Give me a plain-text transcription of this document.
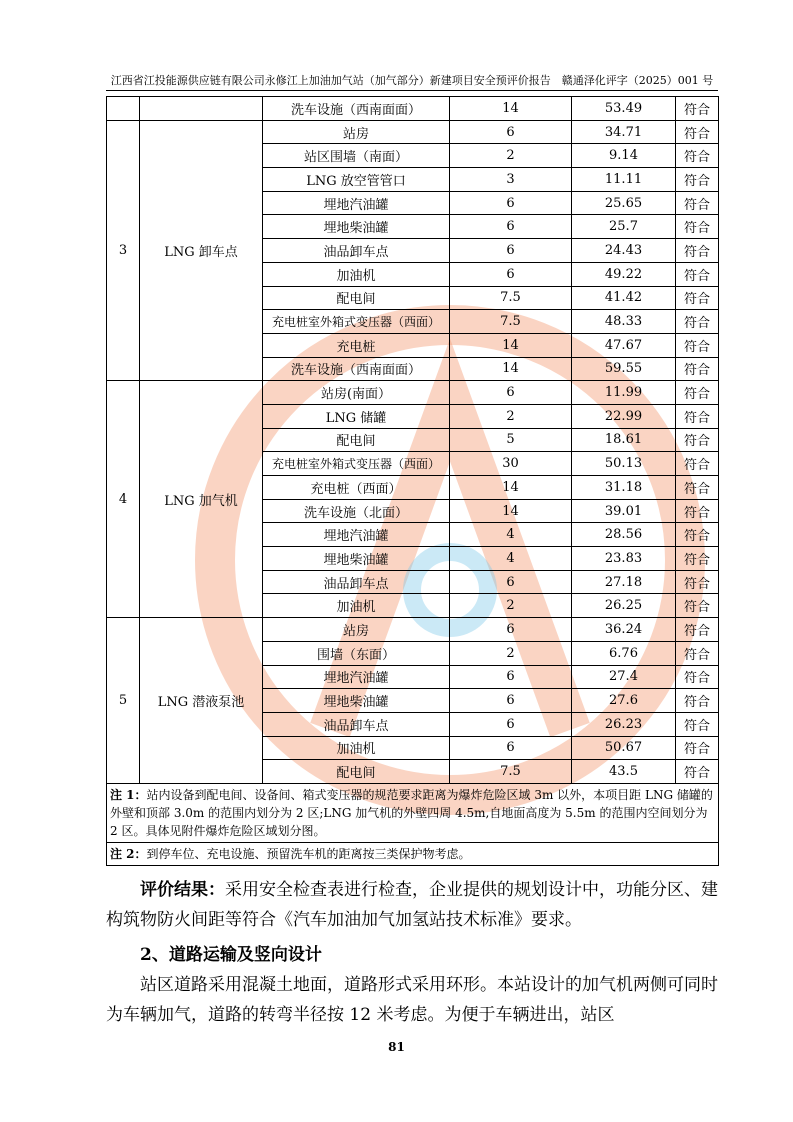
江西省江投能源供应链有限公司永修江上加油加气站（加气部分）新建项目安全预评价报告　赣通泽化评字（2025）001 号
		洗车设施（西南面面）	14	53.49	符合
3	LNG 卸车点	站房	6	34.71	符合
		站区围墙（南面）	2	9.14	符合
		LNG 放空管管口	3	11.11	符合
		埋地汽油罐	6	25.65	符合
		埋地柴油罐	6	25.7	符合
		油品卸车点	6	24.43	符合
		加油机	6	49.22	符合
		配电间	7.5	41.42	符合
		充电桩室外箱式变压器（西面）	7.5	48.33	符合
		充电桩	14	47.67	符合
		洗车设施（西南面面）	14	59.55	符合
4	LNG 加气机	站房(南面）	6	11.99	符合
		LNG 储罐	2	22.99	符合
		配电间	5	18.61	符合
		充电桩室外箱式变压器（西面）	30	50.13	符合
		充电桩（西面）	14	31.18	符合
		洗车设施（北面）	14	39.01	符合
		埋地汽油罐	4	28.56	符合
		埋地柴油罐	4	23.83	符合
		油品卸车点	6	27.18	符合
		加油机	2	26.25	符合
5	LNG 潜液泵池	站房	6	36.24	符合
		围墙（东面）	2	6.76	符合
		埋地汽油罐	6	27.4	符合
		埋地柴油罐	6	27.6	符合
		油品卸车点	6	26.23	符合
		加油机	6	50.67	符合
		配电间	7.5	43.5	符合
注 1：站内设备到配电间、设备间、箱式变压器的规范要求距离为爆炸危险区域 3m 以外，本项目距 LNG 储罐的外壁和顶部 3.0m 的范围内划分为 2 区;LNG 加气机的外壁四周 4.5m,自地面高度为 5.5m 的范围内空间划分为 2 区。具体见附件爆炸危险区域划分图。					
注 2：到停车位、充电设施、预留洗车机的距离按三类保护物考虑。					

评价结果：采用安全检查表进行检查，企业提供的规划设计中，功能分区、建构筑物防火间距等符合《汽车加油加气加氢站技术标准》要求。

2、道路运输及竖向设计

站区道路采用混凝土地面，道路形式采用环形。本站设计的加气机两侧可同时为车辆加气，道路的转弯半径按 12 米考虑。为便于车辆进出，站区

81
